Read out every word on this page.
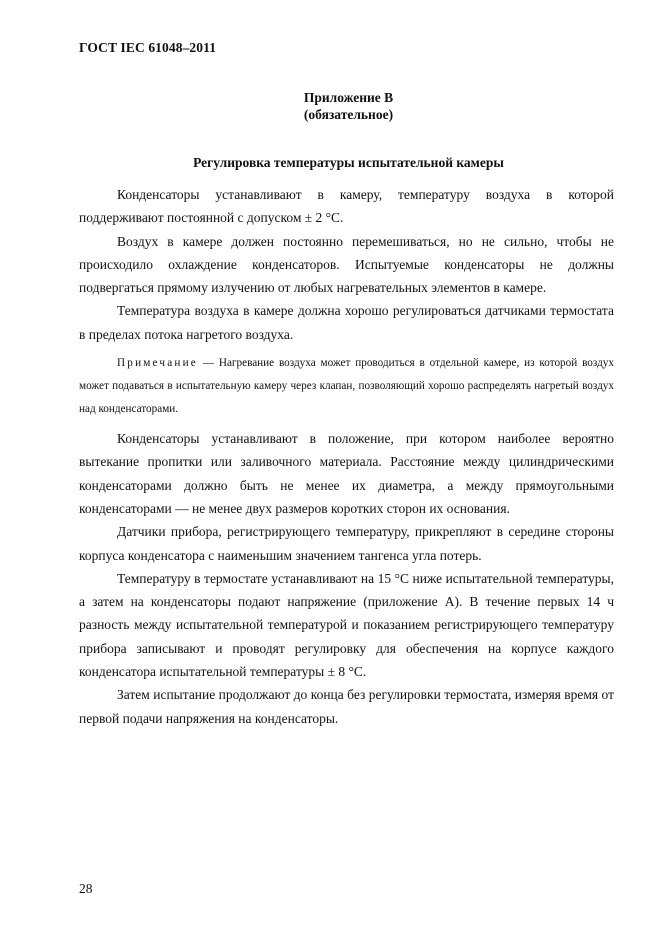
ГОСТ IEC 61048–2011
Приложение В
(обязательное)
Регулировка температуры испытательной камеры

Конденсаторы устанавливают в камеру, температуру воздуха в которой поддерживают постоянной с допуском ± 2 °С.

Воздух в камере должен постоянно перемешиваться, но не сильно, чтобы не происходило охлаждение конденсаторов. Испытуемые конденсаторы не должны подвергаться прямому излучению от любых нагревательных элементов в камере.

Температура воздуха в камере должна хорошо регулироваться датчиками термостата в пределах потока нагретого воздуха.

Примечание — Нагревание воздуха может проводиться в отдельной камере, из которой воздух может подаваться в испытательную камеру через клапан, позволяющий хорошо распределять нагретый воздух над конденсаторами.

Конденсаторы устанавливают в положение, при котором наиболее вероятно вытекание пропитки или заливочного материала. Расстояние между цилиндрическими конденсаторами должно быть не менее их диаметра, а между прямоугольными конденсаторами — не менее двух размеров коротких сторон их основания.

Датчики прибора, регистрирующего температуру, прикрепляют в середине стороны корпуса конденсатора с наименьшим значением тангенса угла потерь.

Температуру в термостате устанавливают на 15 °С ниже испытательной температуры, а затем на конденсаторы подают напряжение (приложение А). В течение первых 14 ч разность между испытательной температурой и показанием регистрирующего температуру прибора записывают и проводят регулировку для обеспечения на корпусе каждого конденсатора испытательной температуры ± 8 °С.

Затем испытание продолжают до конца без регулировки термостата, измеряя время от первой подачи напряжения на конденсаторы.

28
